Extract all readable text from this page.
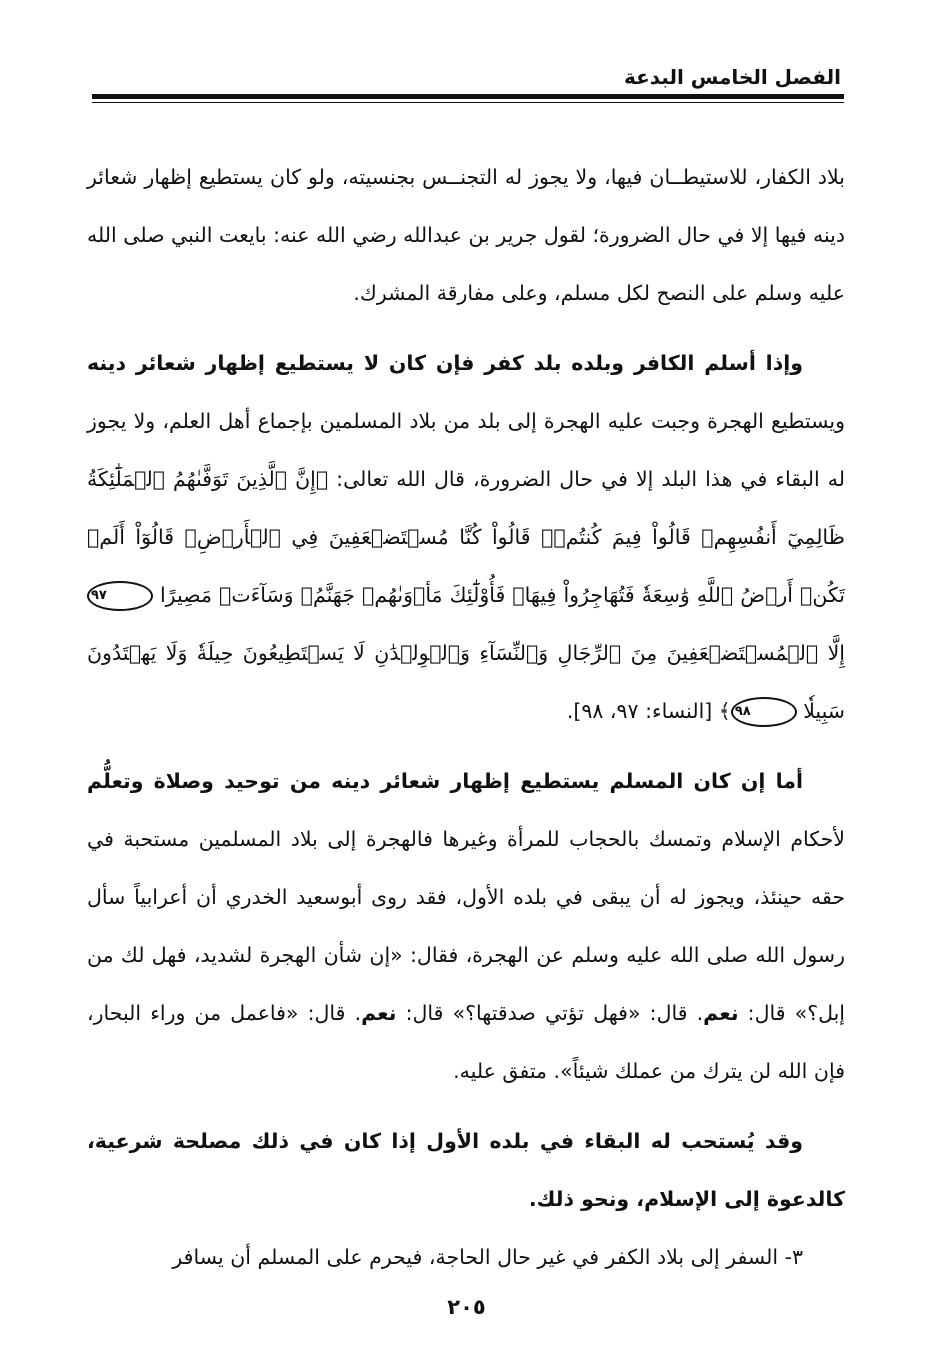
الفصل الخامس البدعة

بلاد الكفار، للاستيطــان فيها، ولا يجوز له التجنــس بجنسيته، ولو كان يستطيع إظهار شعائر دينه فيها إلا في حال الضرورة؛ لقول جرير بن عبدالله رضي الله عنه: بايعت النبي صلى الله عليه وسلم على النصح لكل مسلم، وعلى مفارقة المشرك.

وإذا أسلم الكافر وبلده بلد كفر فإن كان لا يستطيع إظهار شعائر دينه ويستطيع الهجرة وجبت عليه الهجرة إلى بلد من بلاد المسلمين بإجماع أهل العلم، ولا يجوز له البقاء في هذا البلد إلا في حال الضرورة، قال الله تعالى: ﴿إِنَّ ٱلَّذِينَ تَوَفَّىٰهُمُ ٱلۡمَلَٰٓئِكَةُ ظَالِمِيٓ أَنفُسِهِمۡ قَالُواْ فِيمَ كُنتُمۡۖ قَالُواْ كُنَّا مُسۡتَضۡعَفِينَ فِي ٱلۡأَرۡضِۚ قَالُوٓاْ أَلَمۡ تَكُنۡ أَرۡضُ ٱللَّهِ وَٰسِعَةٗ فَتُهَاجِرُواْ فِيهَاۚ فَأُوْلَٰٓئِكَ مَأۡوَىٰهُمۡ جَهَنَّمُۖ وَسَآءَتۡ مَصِيرًا ٩٧ إِلَّا ٱلۡمُسۡتَضۡعَفِينَ مِنَ ٱلرِّجَالِ وَٱلنِّسَآءِ وَٱلۡوِلۡدَٰنِ لَا يَسۡتَطِيعُونَ حِيلَةٗ وَلَا يَهۡتَدُونَ سَبِيلٗا ٩٨﴾ [النساء: ٩٧، ٩٨].

أما إن كان المسلم يستطيع إظهار شعائر دينه من توحيد وصلاة وتعلُّم لأحكام الإسلام وتمسك بالحجاب للمرأة وغيرها فالهجرة إلى بلاد المسلمين مستحبة في حقه حينئذ، ويجوز له أن يبقى في بلده الأول، فقد روى أبوسعيد الخدري أن أعرابياً سأل رسول الله صلى الله عليه وسلم عن الهجرة، فقال: «إن شأن الهجرة لشديد، فهل لك من إبل؟» قال: نعم. قال: «فهل تؤتي صدقتها؟» قال: نعم. قال: «فاعمل من وراء البحار، فإن الله لن يترك من عملك شيئاً». متفق عليه.

وقد يُستحب له البقاء في بلده الأول إذا كان في ذلك مصلحة شرعية، كالدعوة إلى الإسلام، ونحو ذلك.

٣- السفر إلى بلاد الكفر في غير حال الحاجة، فيحرم على المسلم أن يسافر

٢٠٥
